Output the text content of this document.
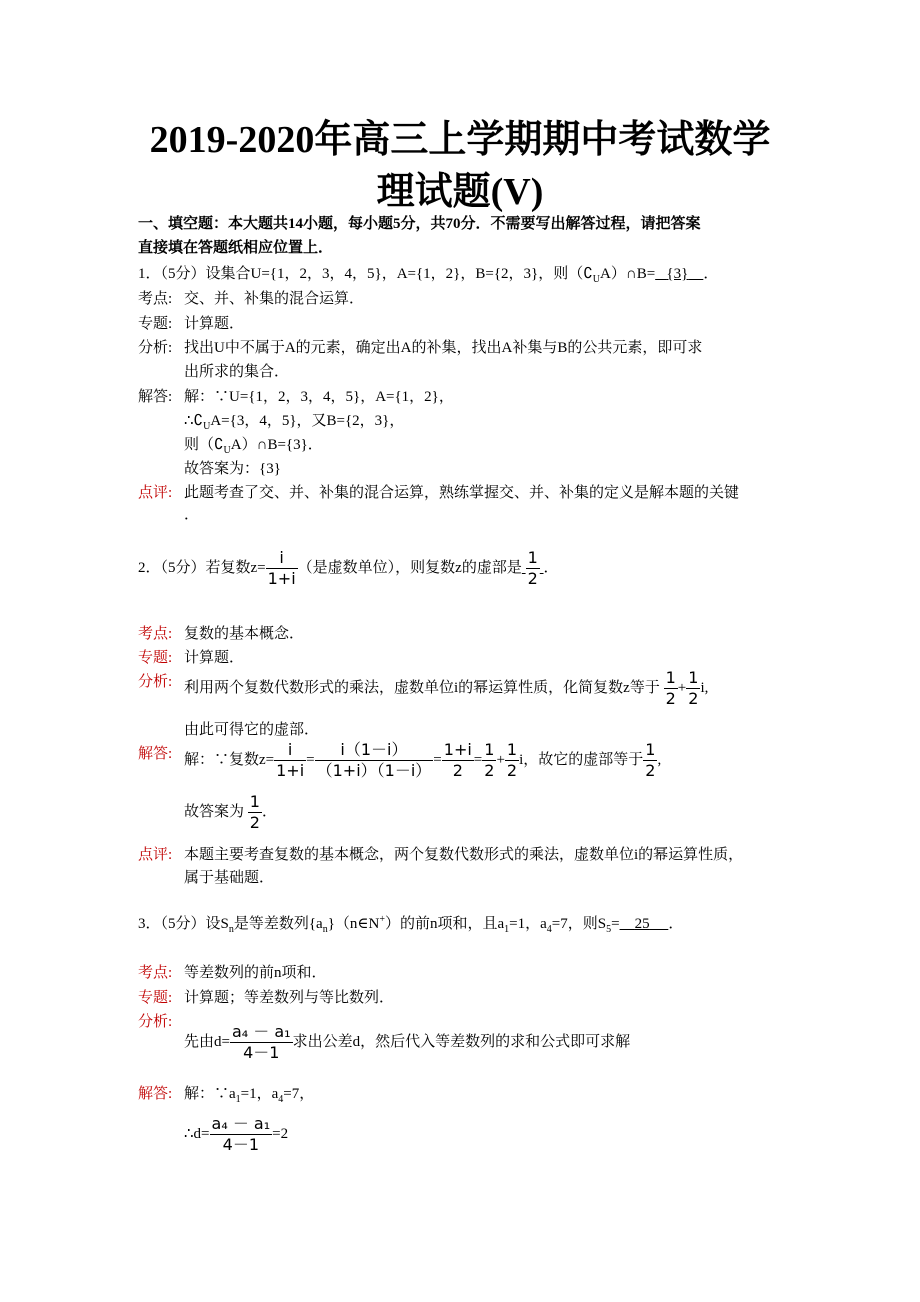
2019-2020年高三上学期期中考试数学
理试题(V)
一、填空题：本大题共14小题，每小题5分，共70分．不需要写出解答过程，请把答案
直接填在答题纸相应位置上．
1．（5分）设集合U={1，2，3，4，5}，A={1，2}，B={2，3}，则$(∁_UA)\cap B= \{3\}$ ．
考点: 交、并、补集的混合运算．
专题: 计算题．
分析: 找出U中不属于A的元素，确定出A的补集，找出A补集与B的公共元素，即可求
出所求的集合．
解答: 解：∵U={1，2，3，4，5}，A={1，2}，
$\therefore∁_UA=\{3$，4，5}，又B={2，3}，
则$(∁_UA)\cap B=\{3\}$．
故答案为：{3}
点评: 此题考查了交、并、补集的混合运算，熟练掌握交、并、补集的定义是解本题的关键
．
2．（5分）若复数$z= \frac{i}{1+i}$ （是虚数单位），则复数z的虚部是 $\frac{1}{2}$ ．
考点: 复数的基本概念．
专题: 计算题．
分析: 利用两个复数代数形式的乘法，虚数单位i的幂运算性质，化简复数z等于 $\frac{1}{2} + \frac{1}{2} i$,
由此可得它的虚部．
解答: 解：∵复数$z= \frac{i}{1+i} = \frac{i(1-i)}{(1+i)(1-i)} = \frac{1+i}{2} = \frac{1}{2} + \frac{1}{2}$ i，故它的虚部等于 $\frac{1}{2}$ ,
故答案为 $\frac{1}{2}$ ．
点评: 本题主要考查复数的基本概念，两个复数代数形式的乘法，虚数单位i的幂运算性质，
属于基础题．
3．（5分）设$S_n$是等差数列$\{a_n\}(n\in N^+)$的前n项和，且$a_1=1$，$a_4=7$，则$S_5= 25$ ．
考点: 等差数列的前n项和．
专题: 计算题；等差数列与等比数列．
分析:
先由$d= \frac{\text{a₄ － a₁}}{4-1}$ 求出公差d，然后代入等差数列的求和公式即可求解
解答: 解：$\because a_1=1$，$a_4=7$，
∴d= $\frac{\text{a₄ － a₁}}{4-1} =2$
